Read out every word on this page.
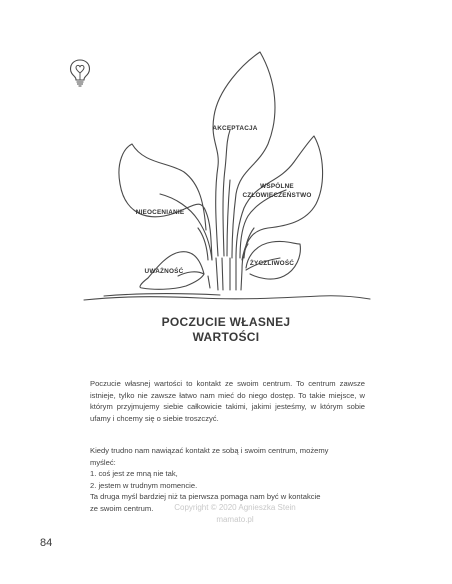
AKCEPTACJA
NIEOCENIANIE
WSPÓLNE
CZŁOWIECZEŃSTWO
UWAŻNOŚĆ
ŻYCZLIWOŚĆ
POCZUCIE WŁASNEJ
WARTOŚCI
Poczucie własnej wartości to kontakt ze swoim centrum. To centrum zawsze istnieje, tylko nie zawsze łatwo nam mieć do niego dostęp. To takie miejsce, w którym przyjmujemy siebie całkowicie takimi, jakimi jesteśmy, w którym sobie ufamy i chcemy się o siebie troszczyć.
Kiedy trudno nam nawiązać kontakt ze sobą i swoim centrum, możemy
myśleć:
1. coś jest ze mną nie tak,
2. jestem w trudnym momencie.
Ta druga myśl bardziej niż ta pierwsza pomaga nam być w kontakcie
ze swoim centrum.	Copyright © 2020 Agnieszka Stein
mamato.pl
84
